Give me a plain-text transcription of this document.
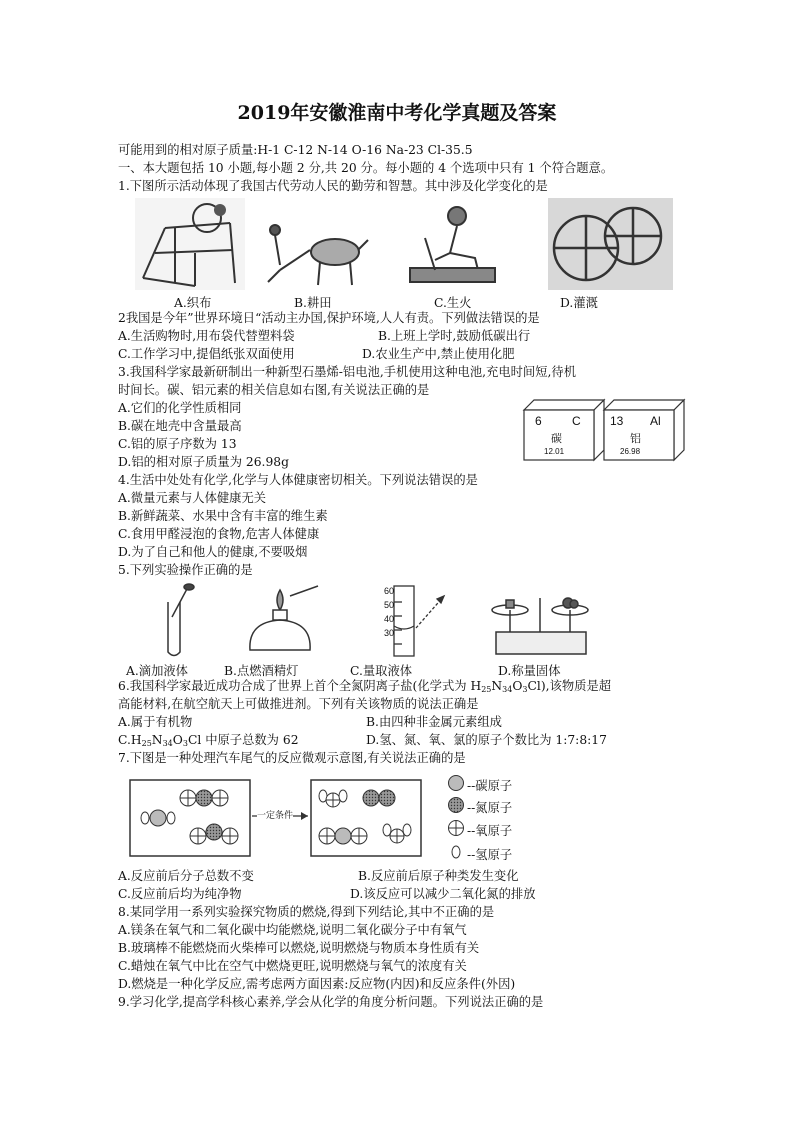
2019年安徽淮南中考化学真题及答案
可能用到的相对原子质量:H-1 C-12 N-14 O-16 Na-23 Cl-35.5
一、本大题包括 10 小题,每小题 2 分,共 20 分。每小题的 4 个选项中只有 1 个符合题意。
1.下图所示活动体现了我国古代劳动人民的勤劳和智慧。其中涉及化学变化的是
A.织布	B.耕田	C.生火	D.灌溉
2我国是今年”世界环境日“活动主办国,保护环境,人人有责。下列做法错误的是
A.生活购物时,用布袋代替塑料袋	B.上班上学时,鼓励低碳出行
C.工作学习中,提倡纸张双面使用	D.农业生产中,禁止使用化肥
3.我国科学家最新研制出一种新型石墨烯-铝电池,手机使用这种电池,充电时间短,待机
时间长。碳、铝元素的相关信息如右图,有关说法正确的是
A.它们的化学性质相同
B.碳在地壳中含量最高
C.铝的原子序数为 13
D.铝的相对原子质量为 26.98g
6	C
碳
12.01
13 Al
铝
26.98
4.生活中处处有化学,化学与人体健康密切相关。下列说法错误的是
A.微量元素与人体健康无关
B.新鲜蔬菜、水果中含有丰富的维生素
C.食用甲醛浸泡的食物,危害人体健康
D.为了自己和他人的健康,不要吸烟
5.下列实验操作正确的是
60
50
40
30
A.滴加液体	B.点燃酒精灯	C.量取液体	D.称量固体
6.我国科学家最近成功合成了世界上首个全氮阴离子盐(化学式为 $H_{25}N_{34}O_3Cl$),该物质是超
高能材料,在航空航天上可做推进剂。下列有关该物质的说法正确是
A.属于有机物	B.由四种非金属元素组成
$C.H_{25}N_{34}O_3Cl$ 中原子总数为 62	D.氢、氮、氧、氯的原子个数比为 1:7:8:17
7.下图是一种处理汽车尾气的反应微观示意图,有关说法正确的是
一定条件
--碳原子
--氮原子
--氧原子
--氢原子
A.反应前后分子总数不变	B.反应前后原子种类发生变化
C.反应前后均为纯净物	D.该反应可以减少二氧化氮的排放
8.某同学用一系列实验探究物质的燃烧,得到下列结论,其中不正确的是
A.镁条在氧气和二氧化碳中均能燃烧,说明二氧化碳分子中有氧气
B.玻璃棒不能燃烧而火柴棒可以燃烧,说明燃烧与物质本身性质有关
C.蜡烛在氧气中比在空气中燃烧更旺,说明燃烧与氧气的浓度有关
D.燃烧是一种化学反应,需考虑两方面因素:反应物(内因)和反应条件(外因)
9.学习化学,提高学科核心素养,学会从化学的角度分析问题。下列说法正确的是
